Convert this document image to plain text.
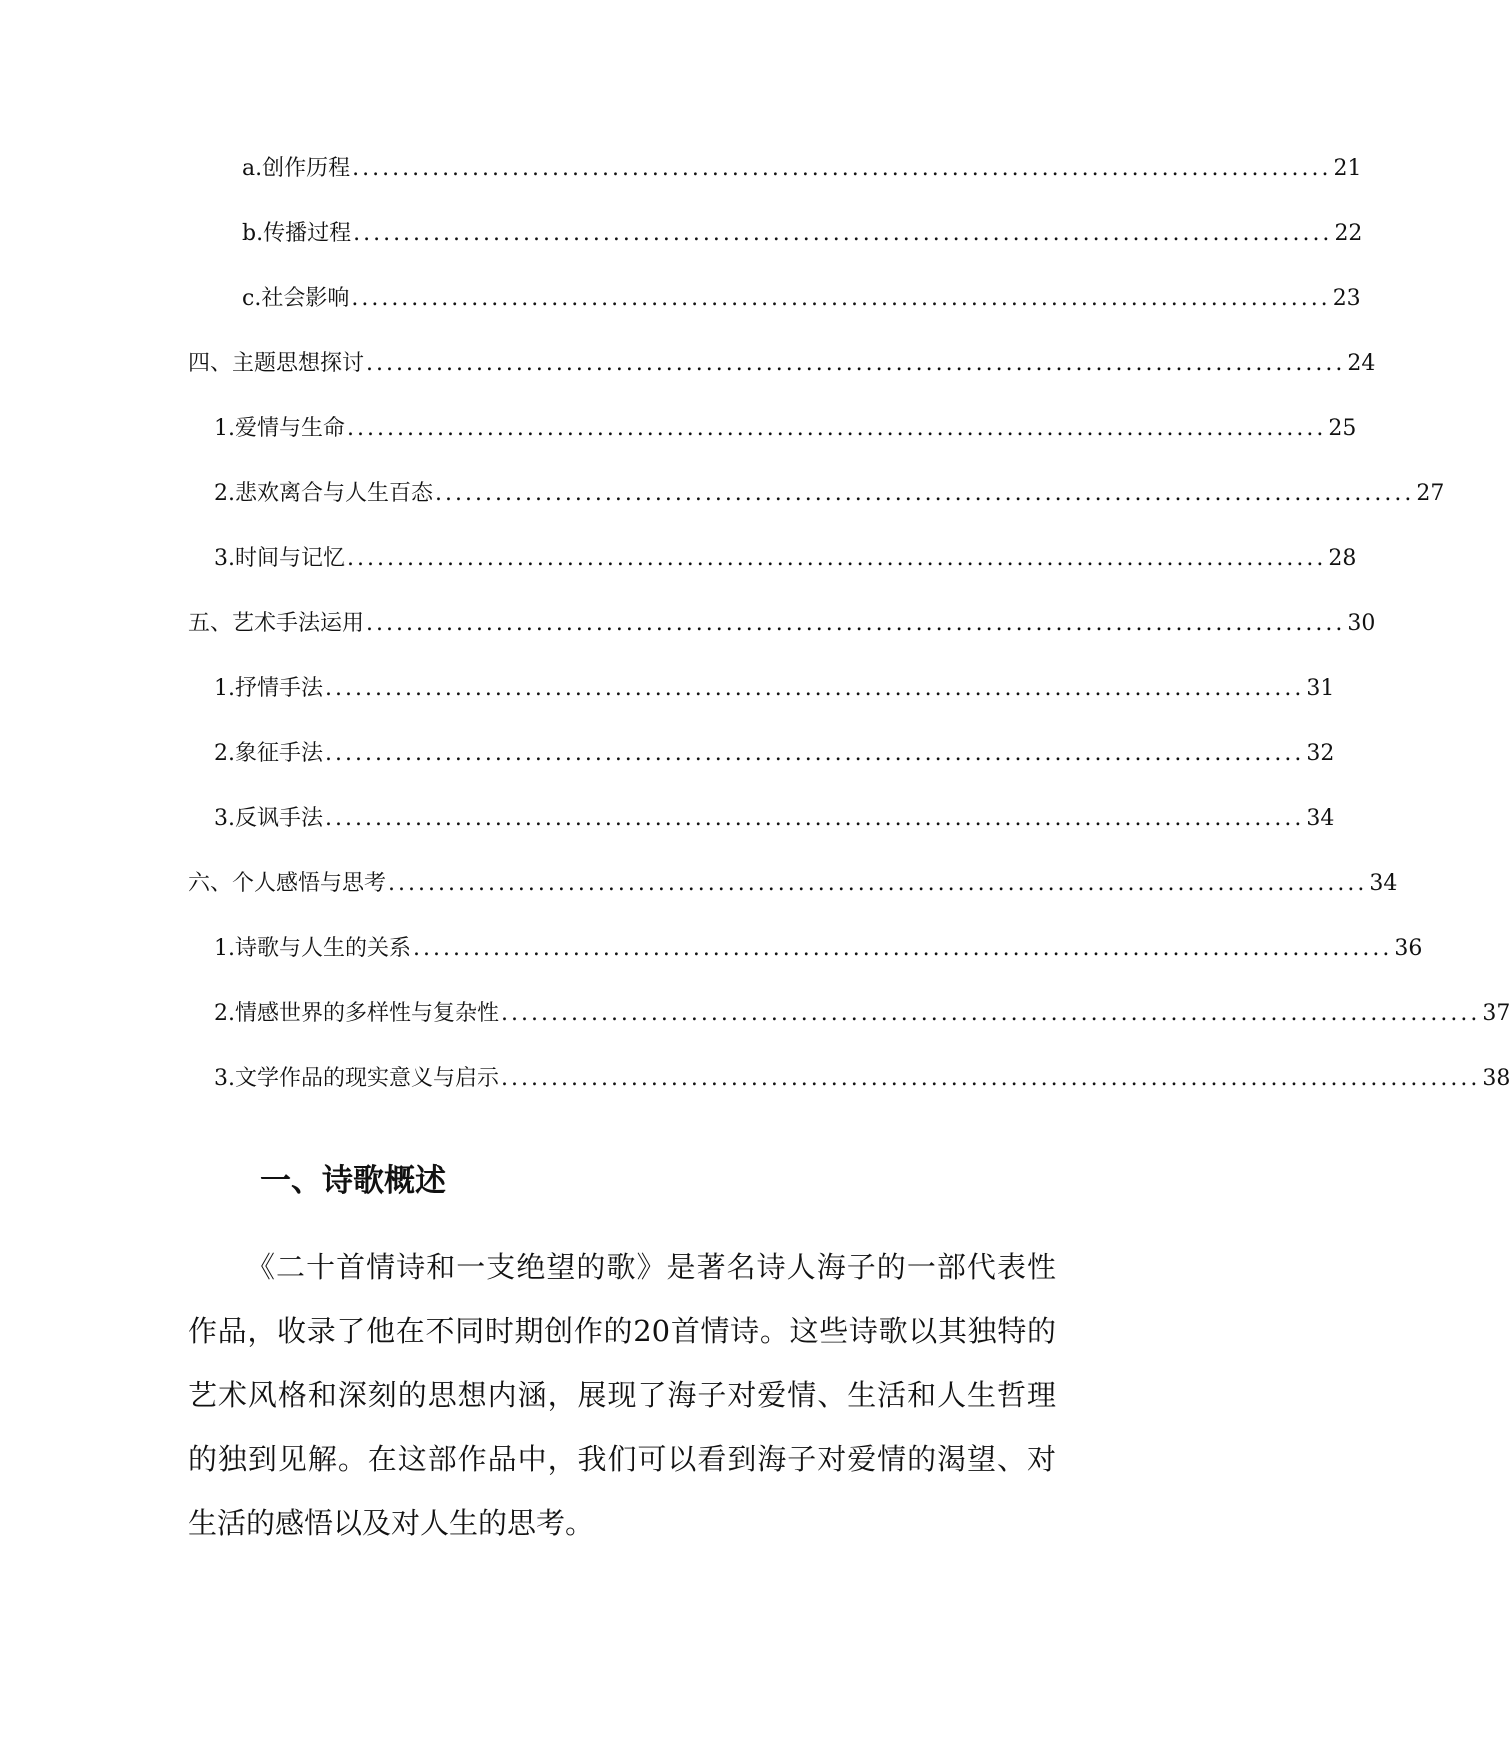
a. 创作历程 .................................................................................................. 21
b. 传播过程 .................................................................................................. 22
c. 社会影响 .................................................................................................. 23
四、主题思想探讨 .................................................................................................. 24
1. 爱情与生命 .................................................................................................. 25
2. 悲欢离合与人生百态 .................................................................................................. 27
3. 时间与记忆 .................................................................................................. 28
五、艺术手法运用 .................................................................................................. 30
1. 抒情手法 .................................................................................................. 31
2. 象征手法 .................................................................................................. 32
3. 反讽手法 .................................................................................................. 34
六、个人感悟与思考 .................................................................................................. 34
1. 诗歌与人生的关系 .................................................................................................. 36
2. 情感世界的多样性与复杂性 .................................................................................................. 37
3. 文学作品的现实意义与启示 .................................................................................................. 38
一、诗歌概述
《二十首情诗和一支绝望的歌》是著名诗人海子的一部代表性作品，收录了他在不同时期创作的20首情诗。这些诗歌以其独特的艺术风格和深刻的思想内涵，展现了海子对爱情、生活和人生哲理的独到见解。在这部作品中，我们可以看到海子对爱情的渴望、对生活的感悟以及对人生的思考。
